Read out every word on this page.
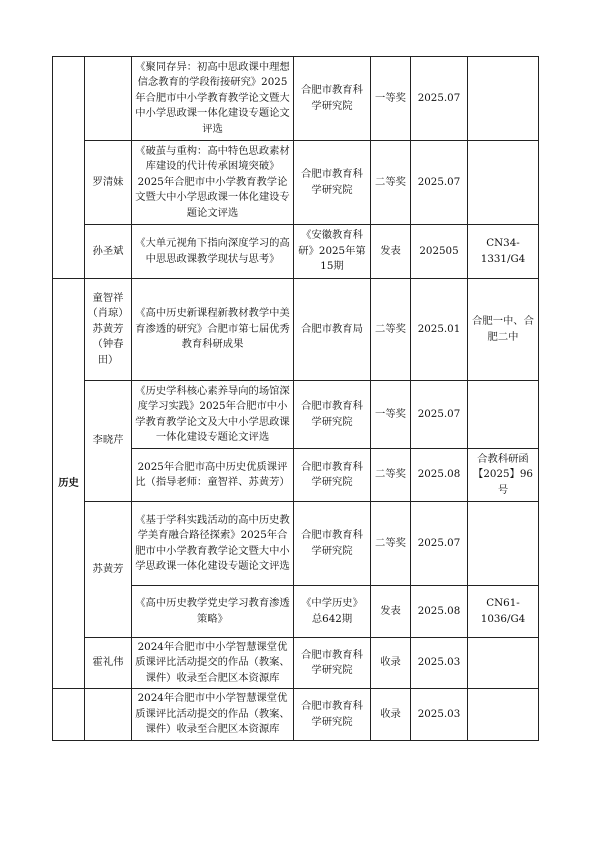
		《聚同存异：初高中思政课中理想信念教育的学段衔接研究》2025年合肥市中小学教育教学论文暨大中小学思政课一体化建设专题论文评选	合肥市教育科学研究院	一等奖	2025.07	
	罗清妹	《破茧与重构：高中特色思政素材库建设的代计传承困境突破》2025年合肥市中小学教育教学论文暨大中小学思政课一体化建设专题论文评选	合肥市教育科学研究院	二等奖	2025.07	
	孙圣斌	《大单元视角下指向深度学习的高中思思政课教学现状与思考》	《安徽教育科研》2025年第15期	发表	202505	CN34-1331/G4
历史	童智祥（肖琼）苏黄芳（钟春田）	《高中历史新课程新教材教学中美育渗透的研究》合肥市第七届优秀教育科研成果	合肥市教育局	二等奖	2025.01	合肥一中、合肥二中
	李晓芹	《历史学科核心素养导向的场馆深度学习实践》2025年合肥市中小学教育教学论文及大中小学思政课一体化建设专题论文评选	合肥市教育科学研究院	一等奖	2025.07	
		2025年合肥市高中历史优质课评比（指导老师：童智祥、苏黄芳）	合肥市教育科学研究院	二等奖	2025.08	合教科研函【2025】96号
	苏黄芳	《基于学科实践活动的高中历史教学美育融合路径探索》2025年合肥市中小学教育教学论文暨大中小学思政课一体化建设专题论文评选	合肥市教育科学研究院	二等奖	2025.07	
		《高中历史教学党史学习教育渗透策略》	《中学历史》总642期	发表	2025.08	CN61-1036/G4
	霍礼伟	2024年合肥市中小学智慧课堂优质课评比活动提交的作品（教案、课件）收录至合肥区本资源库	合肥市教育科学研究院	收录	2025.03	
		2024年合肥市中小学智慧课堂优质课评比活动提交的作品（教案、课件）收录至合肥区本资源库	合肥市教育科学研究院	收录	2025.03	
